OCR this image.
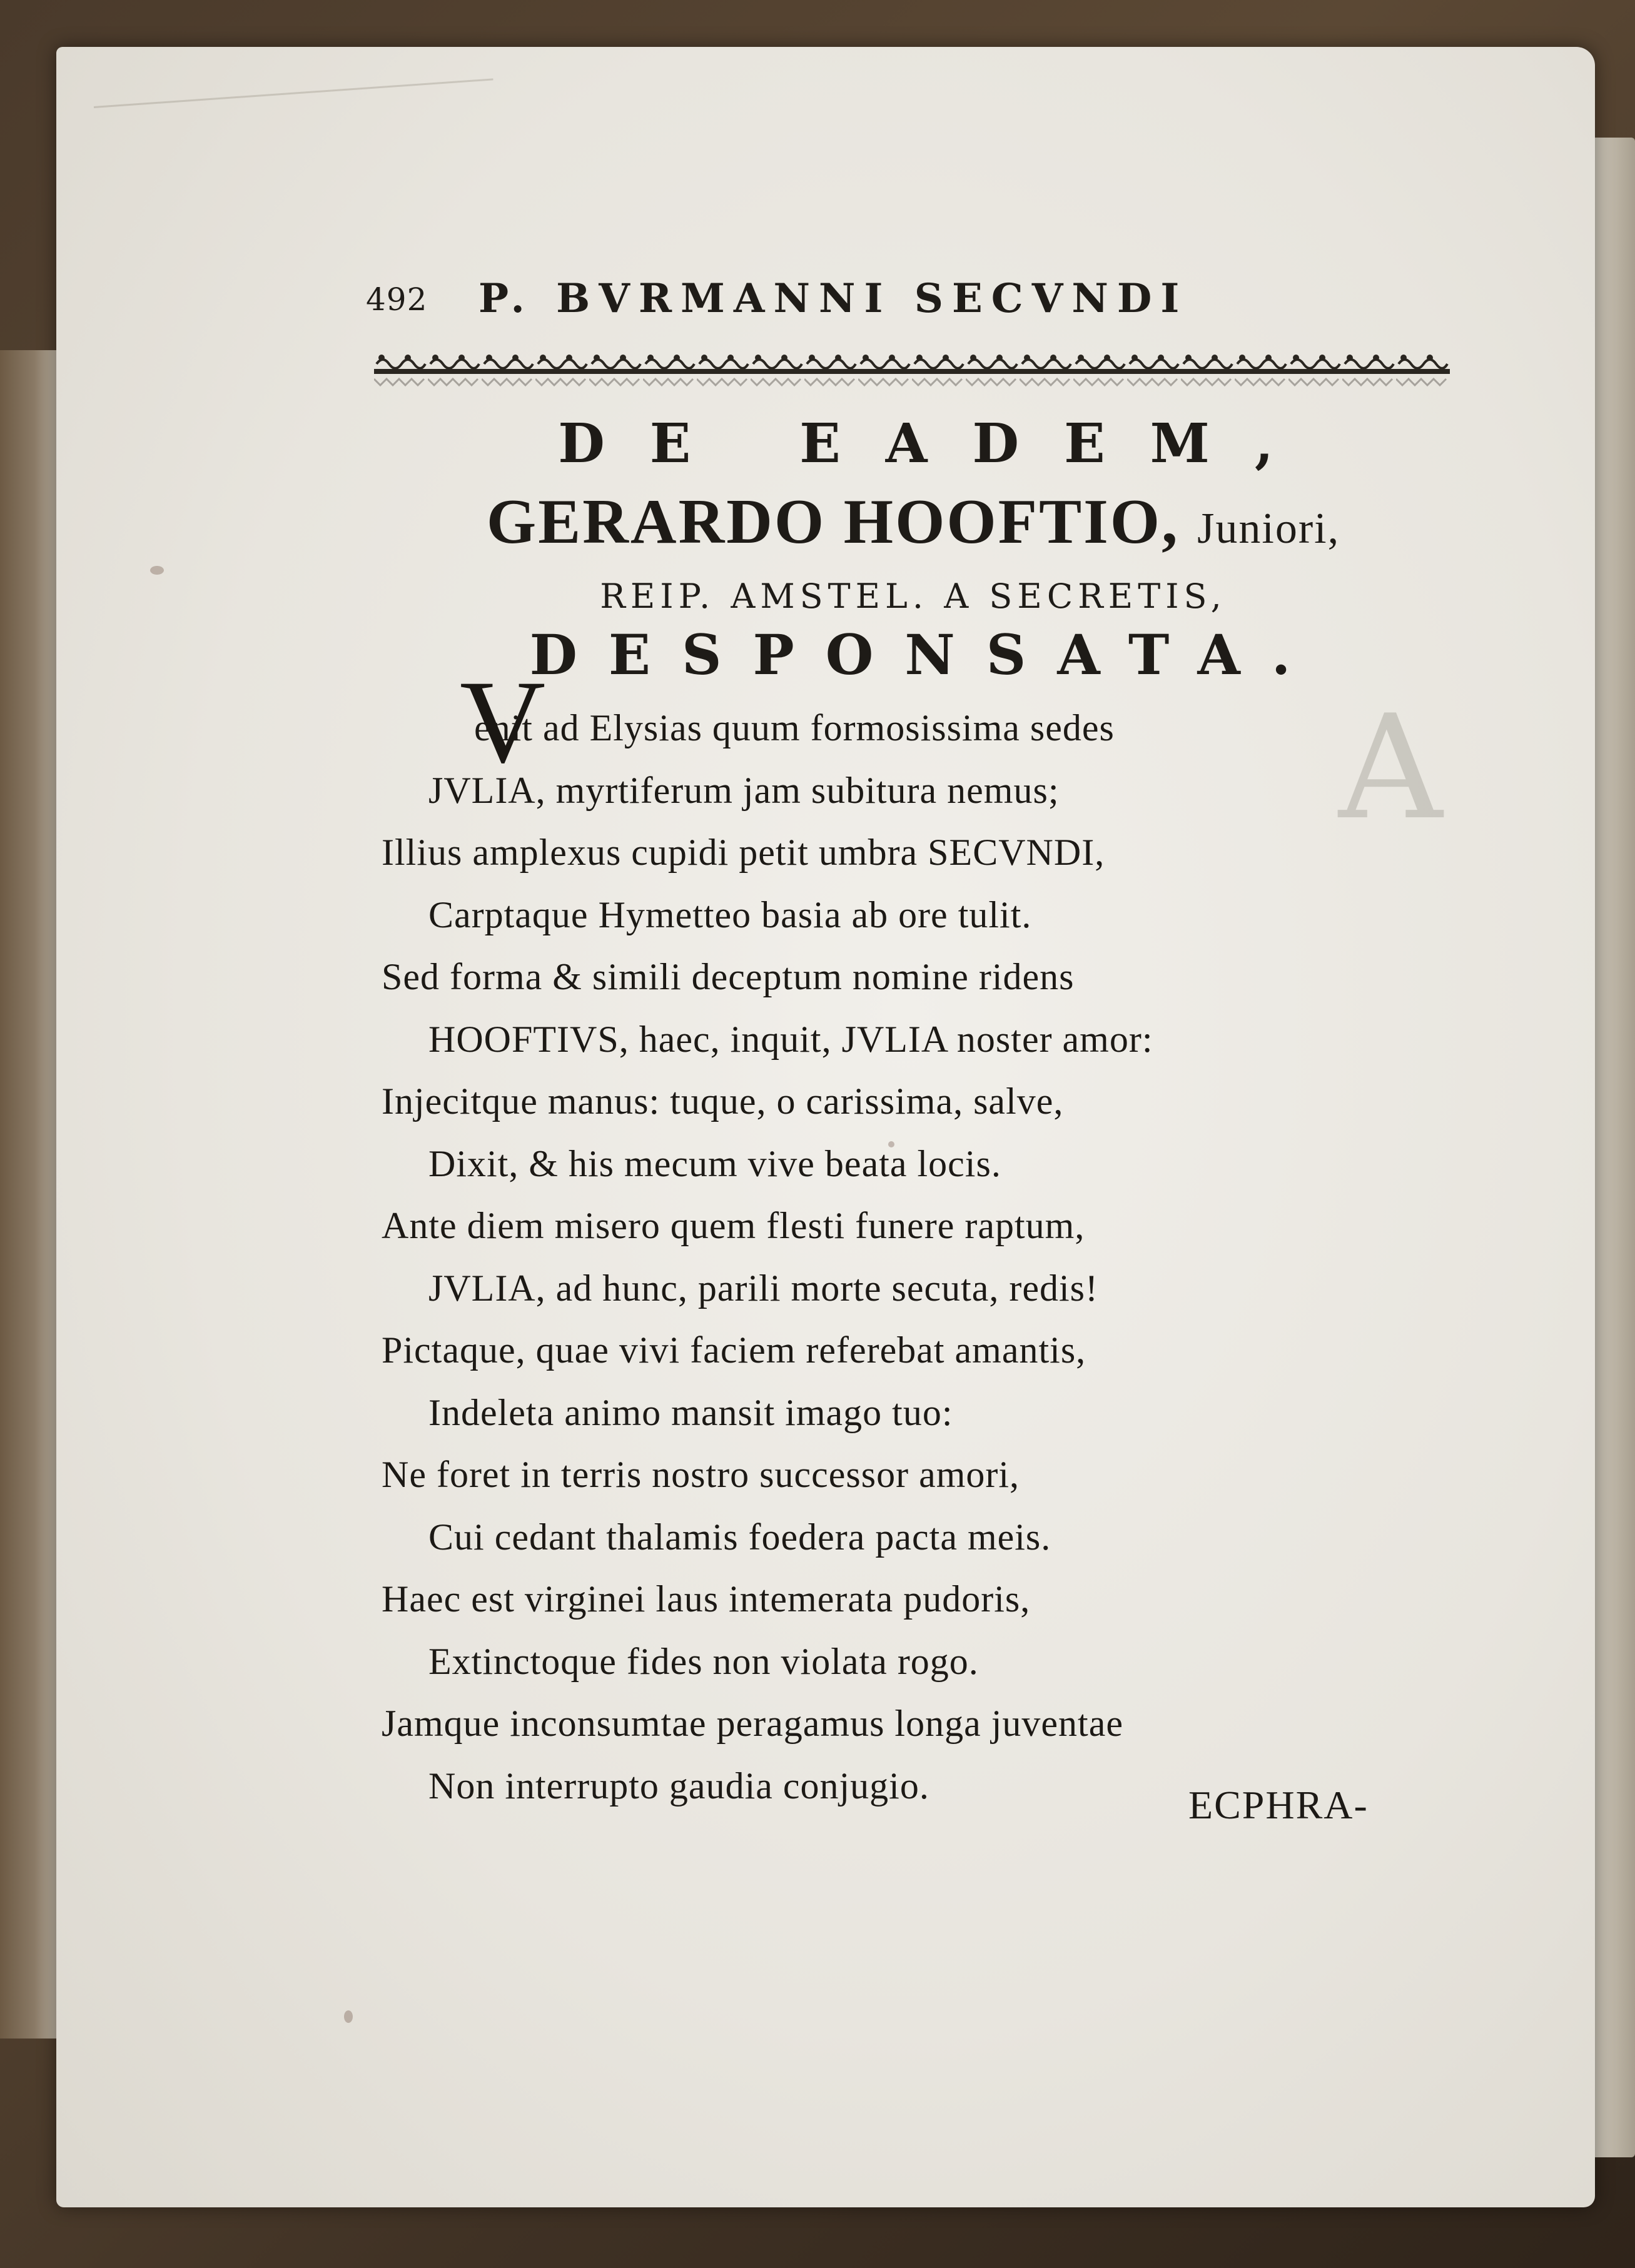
A
492 P. BVRMANNI SECVNDI
DE EADEM,
GERARDO HOOFTIO, Juniori,
REIP. AMSTEL. A SECRETIS,
DESPONSATA.
V
enit ad Elysias quum formosissima sedes
JVLIA, myrtiferum jam subitura nemus;
Illius amplexus cupidi petit umbra SECVNDI,
Carptaque Hymetteo basia ab ore tulit.
Sed forma & simili deceptum nomine ridens
HOOFTIVS, haec, inquit, JVLIA noster amor:
Injecitque manus: tuque, o carissima, salve,
Dixit, & his mecum vive beata locis.
Ante diem misero quem flesti funere raptum,
JVLIA, ad hunc, parili morte secuta, redis!
Pictaque, quae vivi faciem referebat amantis,
Indeleta animo mansit imago tuo:
Ne foret in terris nostro successor amori,
Cui cedant thalamis foedera pacta meis.
Haec est virginei laus intemerata pudoris,
Extinctoque fides non violata rogo.
Jamque inconsumtae peragamus longa juventae
Non interrupto gaudia conjugio.	ECPHRA-
